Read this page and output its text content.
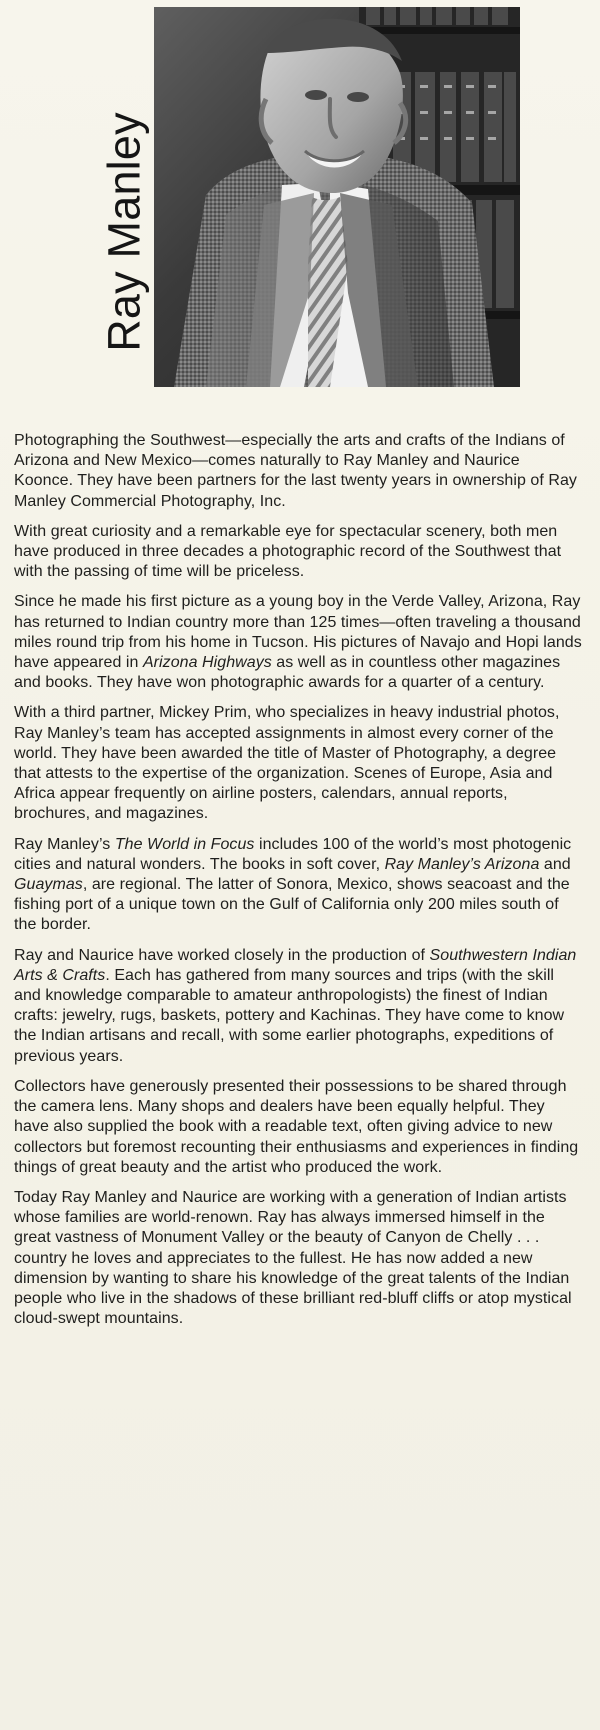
Ray Manley

Photographing the Southwest—especially the arts and crafts of the Indians of Arizona and New Mexico—comes naturally to Ray Manley and Naurice Koonce. They have been partners for the last twenty years in ownership of Ray Manley Commercial Photography, Inc.

With great curiosity and a remarkable eye for spectacular scenery, both men have produced in three decades a photographic record of the Southwest that with the passing of time will be priceless.

Since he made his first picture as a young boy in the Verde Valley, Arizona, Ray has returned to Indian country more than 125 times—often traveling a thousand miles round trip from his home in Tucson. His pictures of Navajo and Hopi lands have appeared in Arizona Highways as well as in countless other magazines and books. They have won photographic awards for a quarter of a century.

With a third partner, Mickey Prim, who specializes in heavy industrial photos, Ray Manley’s team has accepted assignments in almost every corner of the world. They have been awarded the title of Master of Photography, a degree that attests to the expertise of the organization. Scenes of Europe, Asia and Africa appear frequently on airline posters, calendars, annual reports, brochures, and magazines.

Ray Manley’s The World in Focus includes 100 of the world’s most photogenic cities and natural wonders. The books in soft cover, Ray Manley’s Arizona and Guaymas, are regional. The latter of Sonora, Mexico, shows seacoast and the fishing port of a unique town on the Gulf of California only 200 miles south of the border.

Ray and Naurice have worked closely in the production of Southwestern Indian Arts & Crafts. Each has gathered from many sources and trips (with the skill and knowledge comparable to amateur anthropologists) the finest of Indian crafts: jewelry, rugs, baskets, pottery and Kachinas. They have come to know the Indian artisans and recall, with some earlier photographs, expeditions of previous years.

Collectors have generously presented their possessions to be shared through the camera lens. Many shops and dealers have been equally helpful. They have also supplied the book with a readable text, often giving advice to new collectors but foremost recounting their enthusiasms and experiences in finding things of great beauty and the artist who produced the work.

Today Ray Manley and Naurice are working with a generation of Indian artists whose families are world-renown. Ray has always immersed himself in the great vastness of Monument Valley or the beauty of Canyon de Chelly . . . country he loves and appreciates to the fullest. He has now added a new dimension by wanting to share his knowledge of the great talents of the Indian people who live in the shadows of these brilliant red-bluff cliffs or atop mystical cloud-swept mountains.
